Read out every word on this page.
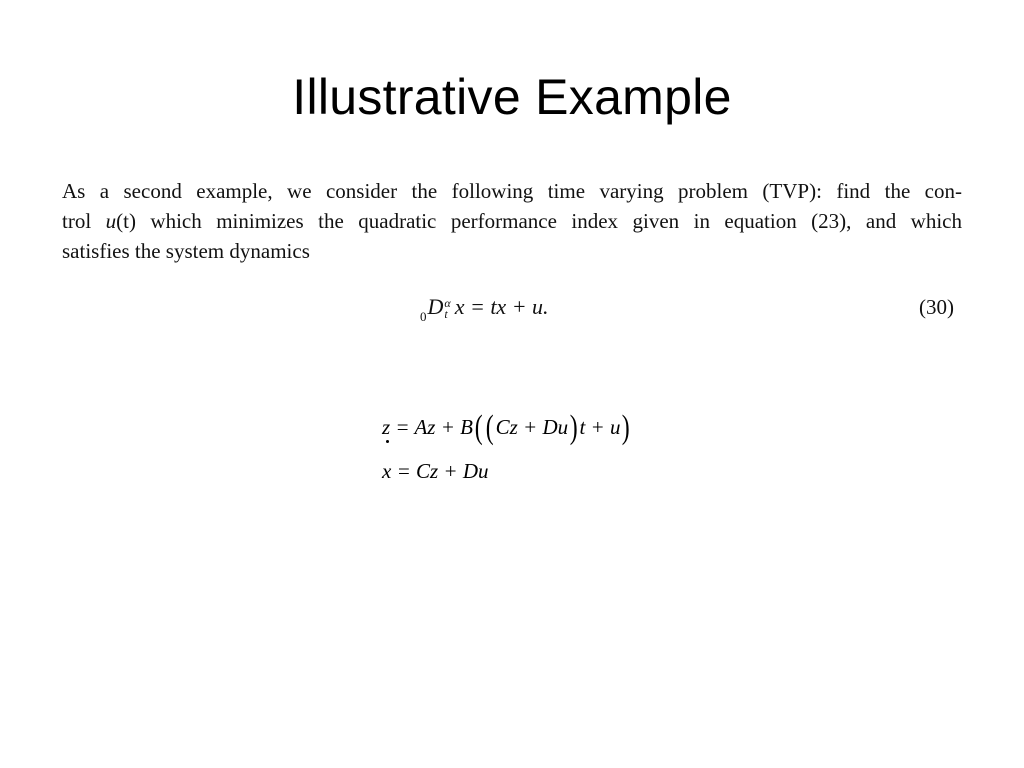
Illustrative Example
As a second example, we consider the following time varying problem (TVP): find the con-
trol u(t) which minimizes the quadratic performance index given in equation (23), and which
satisfies the system dynamics
$_0$D α
t x = tx + u.	(30)
z = Az + B((Cz + Du)t + u)
x = Cz + Du
